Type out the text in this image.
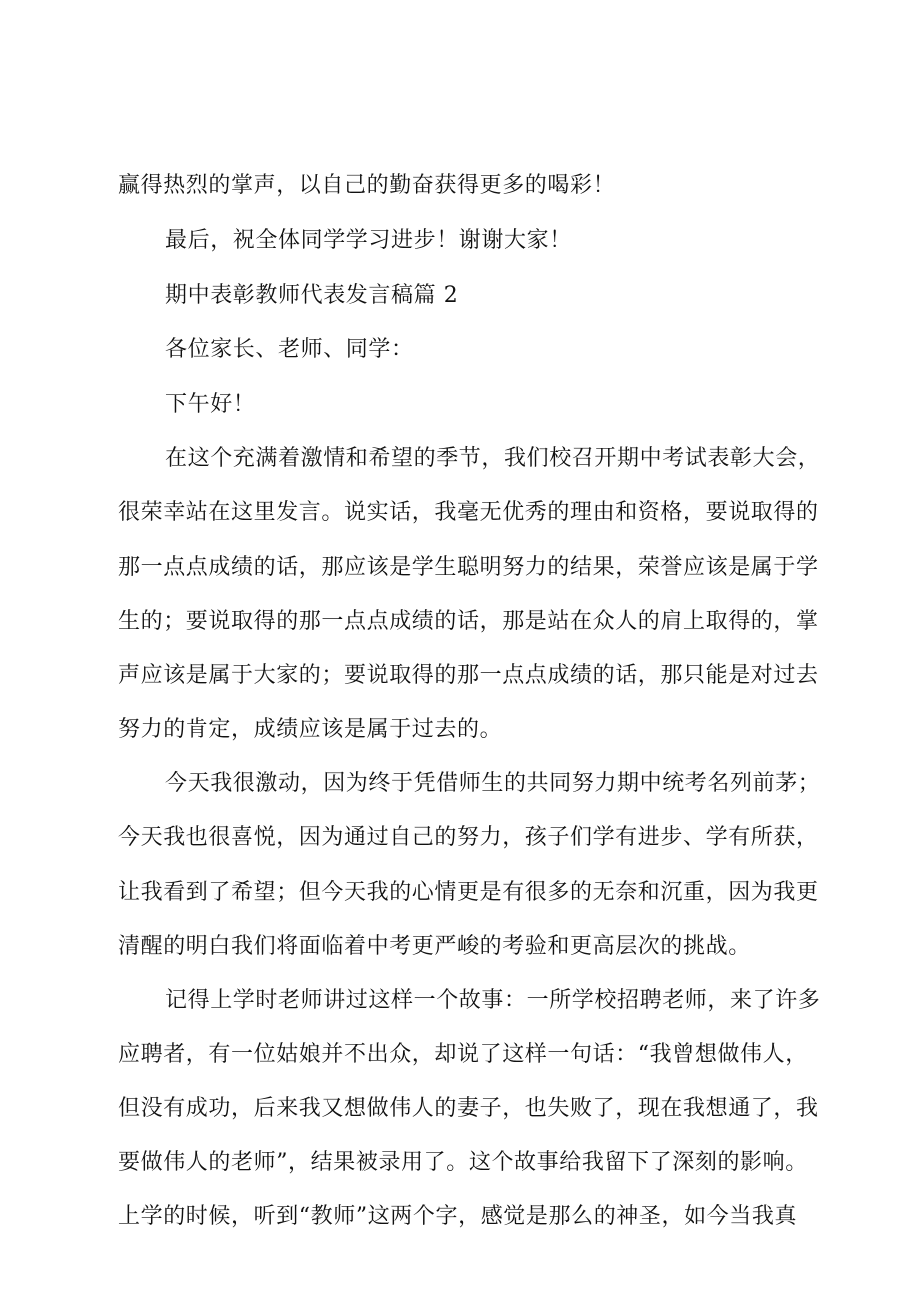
赢得热烈的掌声，以自己的勤奋获得更多的喝彩！
最后，祝全体同学学习进步！谢谢大家！
期中表彰教师代表发言稿篇 2
各位家长、老师、同学：
下午好！
在这个充满着激情和希望的季节，我们校召开期中考试表彰大会，
很荣幸站在这里发言。说实话，我毫无优秀的理由和资格，要说取得的
那一点点成绩的话，那应该是学生聪明努力的结果，荣誉应该是属于学
生的；要说取得的那一点点成绩的话，那是站在众人的肩上取得的，掌
声应该是属于大家的；要说取得的那一点点成绩的话，那只能是对过去
努力的肯定，成绩应该是属于过去的。
今天我很激动，因为终于凭借师生的共同努力期中统考名列前茅；
今天我也很喜悦，因为通过自己的努力，孩子们学有进步、学有所获，
让我看到了希望；但今天我的心情更是有很多的无奈和沉重，因为我更
清醒的明白我们将面临着中考更严峻的考验和更高层次的挑战。
记得上学时老师讲过这样一个故事：一所学校招聘老师，来了许多
应聘者，有一位姑娘并不出众，却说了这样一句话：“我曾想做伟人，
但没有成功，后来我又想做伟人的妻子，也失败了，现在我想通了，我
要做伟人的老师”，结果被录用了。这个故事给我留下了深刻的影响。
上学的时候，听到“教师”这两个字，感觉是那么的神圣，如今当我真
